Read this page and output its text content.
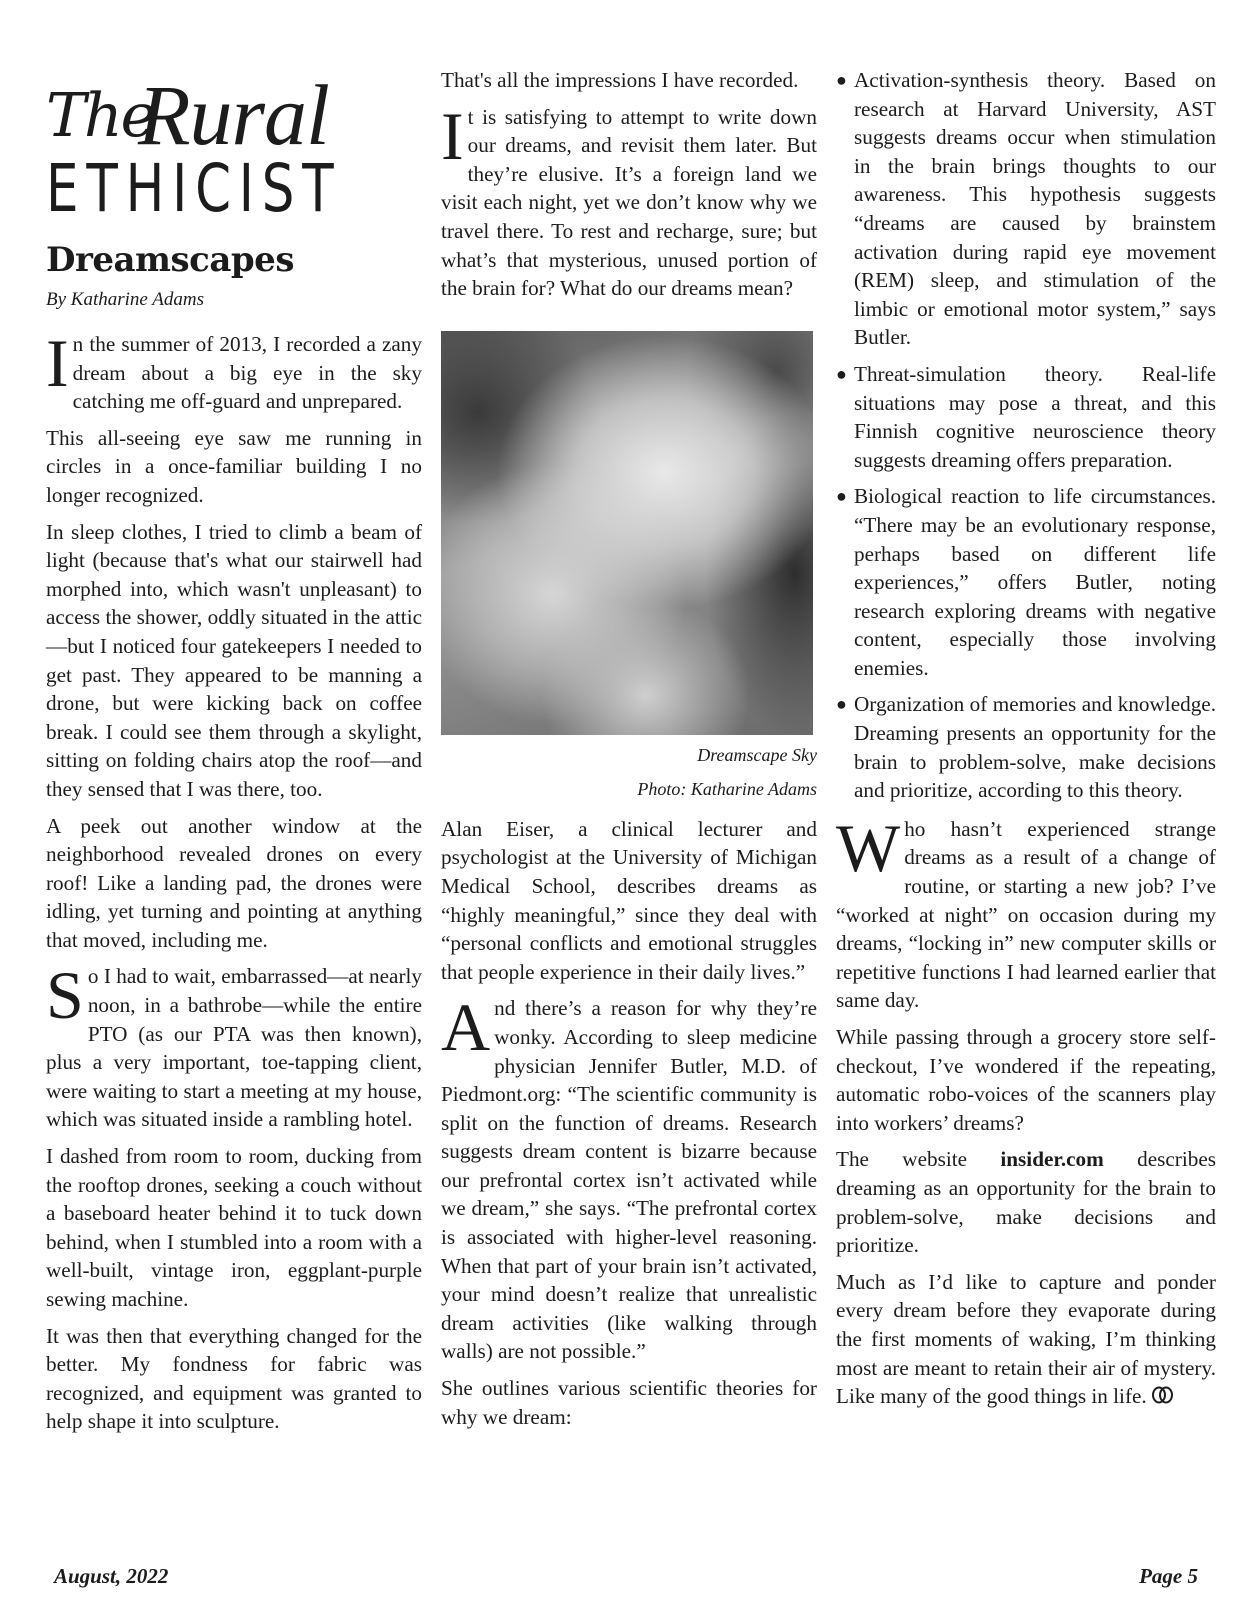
The
Rural
ETHICIST
Dreamscapes
By Katharine Adams

In the summer of 2013, I recorded a zany dream about a big eye in the sky catching me off-guard and unprepared.

This all-seeing eye saw me running in circles in a once-familiar building I no longer recognized.

In sleep clothes, I tried to climb a beam of light (because that's what our stairwell had morphed into, which wasn't unpleasant) to access the shower, oddly situated in the attic—but I noticed four gatekeepers I needed to get past. They appeared to be manning a drone, but were kicking back on coffee break. I could see them through a skylight, sitting on folding chairs atop the roof—and they sensed that I was there, too.

A peek out another window at the neighborhood revealed drones on every roof! Like a landing pad, the drones were idling, yet turning and pointing at anything that moved, including me.

So I had to wait, embarrassed—at nearly noon, in a bathrobe—while the entire PTO (as our PTA was then known), plus a very important, toe-tapping client, were waiting to start a meeting at my house, which was situated inside a rambling hotel.

I dashed from room to room, ducking from the rooftop drones, seeking a couch without a baseboard heater behind it to tuck down behind, when I stumbled into a room with a well-built, vintage iron, eggplant-purple sewing machine.

It was then that everything changed for the better. My fondness for fabric was recognized, and equipment was granted to help shape it into sculpture.

That's all the impressions I have recorded.

It is satisfying to attempt to write down our dreams, and revisit them later. But they’re elusive. It’s a foreign land we visit each night, yet we don’t know why we travel there. To rest and recharge, sure; but what’s that mysterious, unused portion of the brain for? What do our dreams mean?

Dreamscape Sky
Photo: Katharine Adams

Alan Eiser, a clinical lecturer and psychologist at the University of Michigan Medical School, describes dreams as “highly meaningful,” since they deal with “personal conflicts and emotional struggles that people experience in their daily lives.”

And there’s a reason for why they’re wonky. According to sleep medicine physician Jennifer Butler, M.D. of Piedmont.org: “The scientific community is split on the function of dreams. Research suggests dream content is bizarre because our prefrontal cortex isn’t activated while we dream,” she says. “The prefrontal cortex is associated with higher-level reasoning. When that part of your brain isn’t activated, your mind doesn’t realize that unrealistic dream activities (like walking through walls) are not possible.”

She outlines various scientific theories for why we dream:

● Activation-synthesis theory. Based on research at Harvard University, AST suggests dreams occur when stimulation in the brain brings thoughts to our awareness. This hypothesis suggests “dreams are caused by brainstem activation during rapid eye movement (REM) sleep, and stimulation of the limbic or emotional motor system,” says Butler.
● Threat-simulation theory. Real-life situations may pose a threat, and this Finnish cognitive neuroscience theory suggests dreaming offers preparation.
● Biological reaction to life circumstances. “There may be an evolutionary response, perhaps based on different life experiences,” offers Butler, noting research exploring dreams with negative content, especially those involving enemies.
● Organization of memories and knowledge. Dreaming presents an opportunity for the brain to problem-solve, make decisions and prioritize, according to this theory.

Who hasn’t experienced strange dreams as a result of a change of routine, or starting a new job? I’ve “worked at night” on occasion during my dreams, “locking in” new computer skills or repetitive functions I had learned earlier that same day.

While passing through a grocery store self-checkout, I’ve wondered if the repeating, automatic robo-voices of the scanners play into workers’ dreams?

The website insider.com describes dreaming as an opportunity for the brain to problem-solve, make decisions and prioritize.

Much as I’d like to capture and ponder every dream before they evaporate during the first moments of waking, I’m thinking most are meant to retain their air of mystery. Like many of the good things in life.

August, 2022	Page 5
